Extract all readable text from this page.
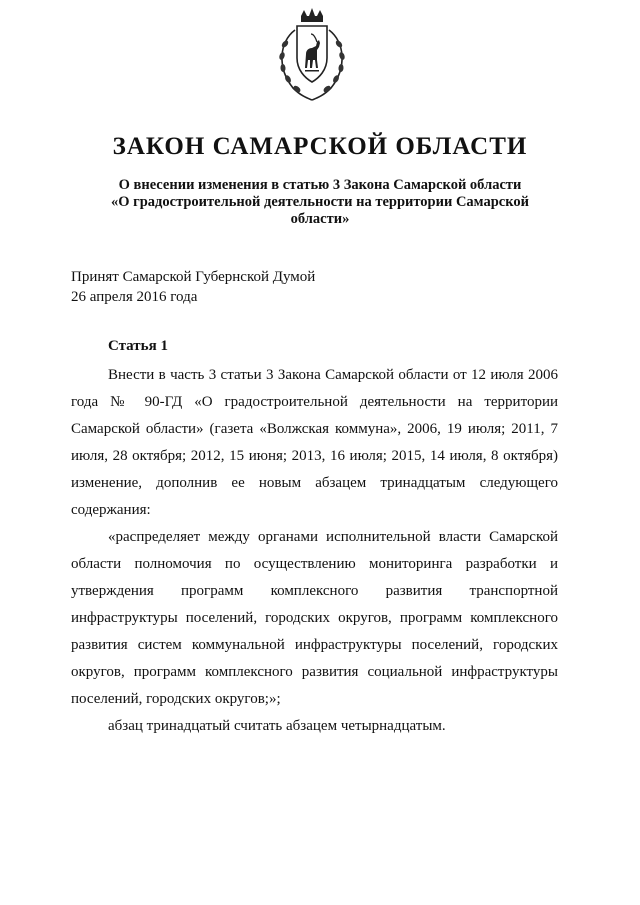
ЗАКОН САМАРСКОЙ ОБЛАСТИ
О внесении изменения в статью 3 Закона Самарской области
«О градостроительной деятельности на территории Самарской
области»
Принят Самарской Губернской Думой
26 апреля 2016 года
Статья 1

Внести в часть 3 статьи 3 Закона Самарской области от 12 июля 2006 года № 90-ГД «О градостроительной деятельности на территории Самарской области» (газета «Волжская коммуна», 2006, 19 июля; 2011, 7 июля, 28 октября; 2012, 15 июня; 2013, 16 июля; 2015, 14 июля, 8 октября) изменение, дополнив ее новым абзацем тринадцатым следующего содержания:

«распределяет между органами исполнительной власти Самарской области полномочия по осуществлению мониторинга разработки и утверждения программ комплексного развития транспортной инфраструктуры поселений, городских округов, программ комплексного развития систем коммунальной инфраструктуры поселений, городских округов, программ комплексного развития социальной инфраструктуры поселений, городских округов;»;

абзац тринадцатый считать абзацем четырнадцатым.
